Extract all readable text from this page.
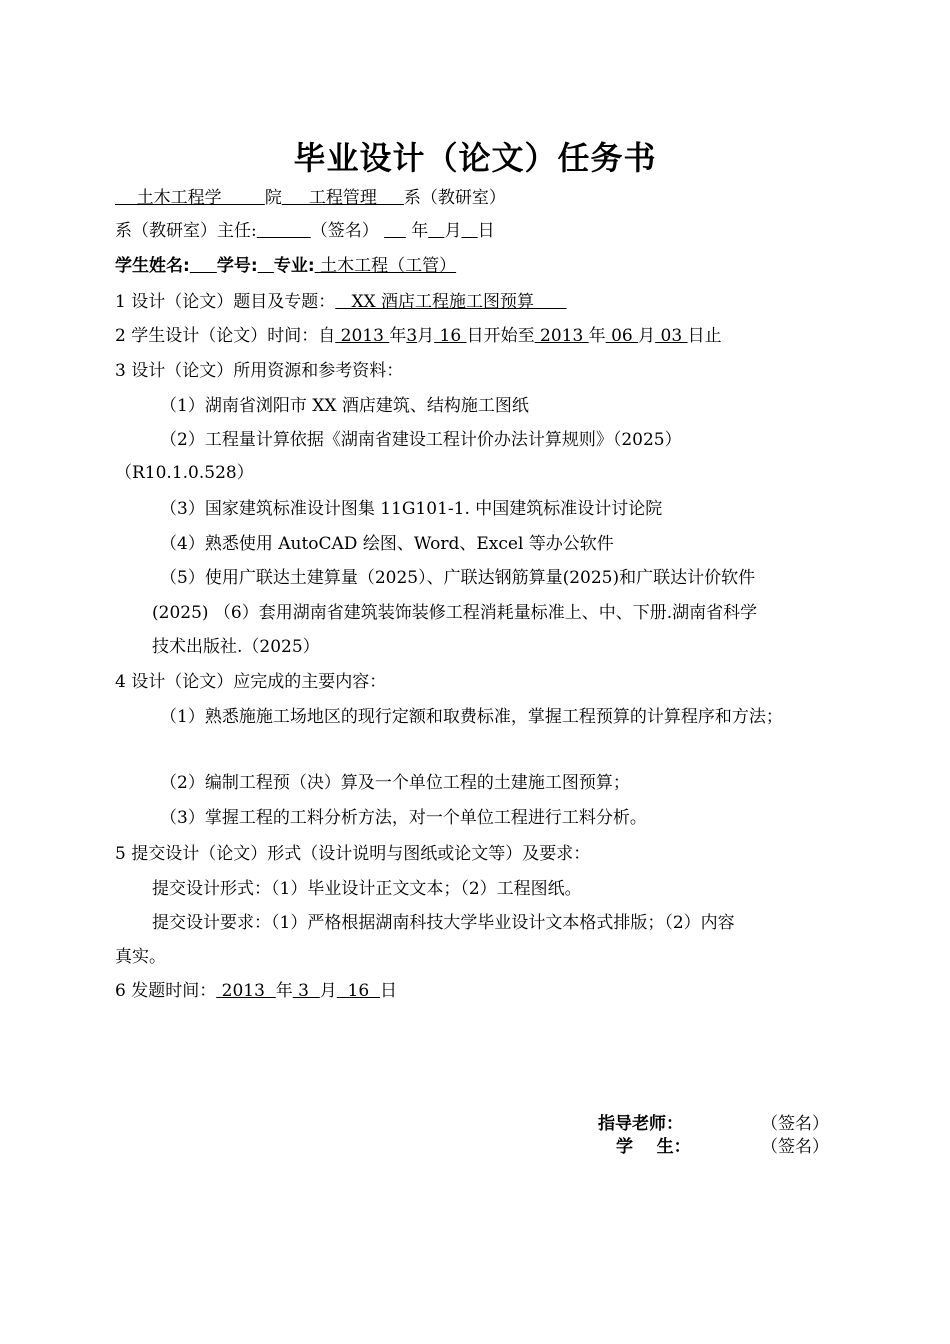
毕业设计（论文）任务书
土木工程学        院     工程管理     系（教研室）
系（教研室）主任:	（签名） 年 月 日
学生姓名: 学号: 专业: 土木工程（工管）
1 设计（论文）题目及专题：   XX 酒店工程施工图预算
2 学生设计（论文）时间：自 2013 年3月 16 日开始至 2013 年 06 月 03 日止
3 设计（论文）所用资源和参考资料：
（1）湖南省浏阳市 XX 酒店建筑、结构施工图纸
（2）工程量计算依据《湖南省建设工程计价办法计算规则》（2025）
（R10.1.0.528）
（3）国家建筑标准设计图集 11G101-1. 中国建筑标准设计讨论院
（4）熟悉使用 AutoCAD 绘图、Word、Excel 等办公软件
（5）使用广联达土建算量（2025）、广联达钢筋算量(2025)和广联达计价软件
(2025) （6）套用湖南省建筑装饰装修工程消耗量标准上、中、下册.湖南省科学
技术出版社.（2025）
4 设计（论文）应完成的主要内容：
（1）熟悉施施工场地区的现行定额和取费标准，掌握工程预算的计算程序和方法；
（2）编制工程预（决）算及一个单位工程的土建施工图预算；
（3）掌握工程的工料分析方法，对一个单位工程进行工料分析。
5 提交设计（论文）形式（设计说明与图纸或论文等）及要求：
提交设计形式：（1）毕业设计正文文本；（2）工程图纸。
提交设计要求：（1）严格根据湖南科技大学毕业设计文本格式排版；（2）内容
真实。
6 发题时间： 2013  年 3  月  16  日
指导老师：	（签名）
学    生：	（签名）
